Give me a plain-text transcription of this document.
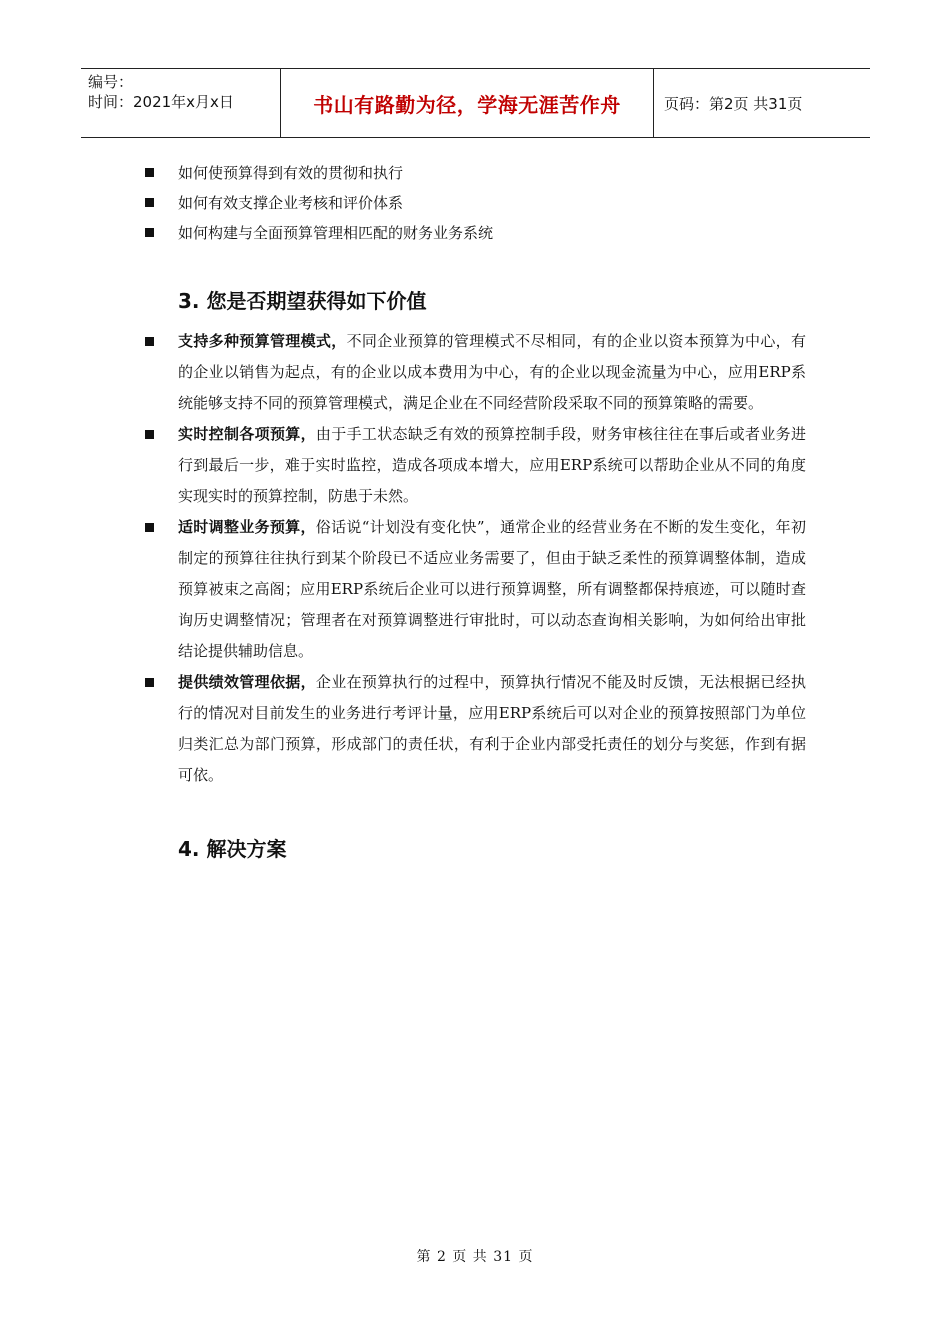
编号：
时间：2021年x月x日	书山有路勤为径，学海无涯苦作舟	页码：第2页 共31页
如何使预算得到有效的贯彻和执行
如何有效支撑企业考核和评价体系
如何构建与全面预算管理相匹配的财务业务系统
3. 您是否期望获得如下价值
支持多种预算管理模式，不同企业预算的管理模式不尽相同，有的企业以资本预算为中心，有的企业以销售为起点，有的企业以成本费用为中心，有的企业以现金流量为中心，应用ERP系统能够支持不同的预算管理模式，满足企业在不同经营阶段采取不同的预算策略的需要。
实时控制各项预算，由于手工状态缺乏有效的预算控制手段，财务审核往往在事后或者业务进行到最后一步，难于实时监控，造成各项成本增大，应用ERP系统可以帮助企业从不同的角度实现实时的预算控制，防患于未然。
适时调整业务预算，俗话说“计划没有变化快”，通常企业的经营业务在不断的发生变化，年初制定的预算往往执行到某个阶段已不适应业务需要了，但由于缺乏柔性的预算调整体制，造成预算被束之高阁；应用ERP系统后企业可以进行预算调整，所有调整都保持痕迹，可以随时查询历史调整情况；管理者在对预算调整进行审批时，可以动态查询相关影响，为如何给出审批结论提供辅助信息。
提供绩效管理依据，企业在预算执行的过程中，预算执行情况不能及时反馈，无法根据已经执行的情况对目前发生的业务进行考评计量，应用ERP系统后可以对企业的预算按照部门为单位归类汇总为部门预算，形成部门的责任状，有利于企业内部受托责任的划分与奖惩，作到有据可依。
4. 解决方案
第 2 页 共 31 页
